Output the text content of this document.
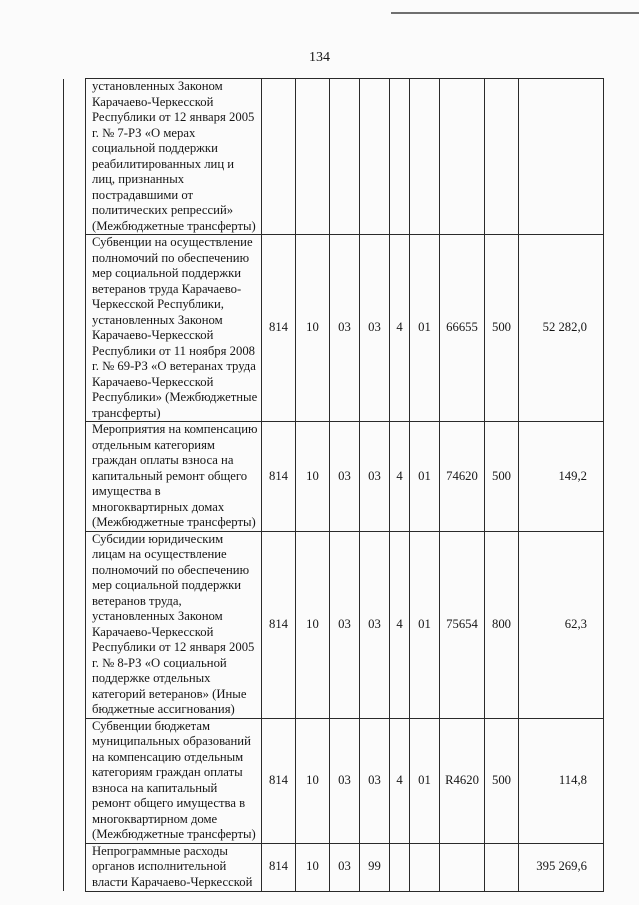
134
	установленных Законом Карачаево-Черкесской Республики от 12 января 2005 г. № 7-РЗ «О мерах социальной поддержки реабилитированных лиц и лиц, признанных пострадавшими от политических репрессий» (Межбюджетные трансферты)									
	Субвенции на осуществление полномочий по обеспечению мер социальной поддержки ветеранов труда Карачаево-Черкесской Республики, установленных Законом Карачаево-Черкесской Республики от 11 ноября 2008 г. № 69-РЗ «О ветеранах труда Карачаево-Черкесской Республики» (Межбюджетные трансферты)	814	10	03	03	4	01	66655	500	52 282,0
	Мероприятия на компенсацию отдельным категориям граждан оплаты взноса на капитальный ремонт общего имущества в многоквартирных домах (Межбюджетные трансферты)	814	10	03	03	4	01	74620	500	149,2
	Субсидии юридическим лицам на осуществление полномочий по обеспечению мер социальной поддержки ветеранов труда, установленных Законом Карачаево-Черкесской Республики от 12 января 2005 г. № 8-РЗ «О социальной поддержке отдельных категорий ветеранов» (Иные бюджетные ассигнования)	814	10	03	03	4	01	75654	800	62,3
	Субвенции бюджетам муниципальных образований на компенсацию отдельным категориям граждан оплаты взноса на капитальный ремонт общего имущества в многоквартирном доме (Межбюджетные трансферты)	814	10	03	03	4	01	R4620	500	114,8
	Непрограммные расходы органов исполнительной власти Карачаево-Черкесской	814	10	03	99					395 269,6
